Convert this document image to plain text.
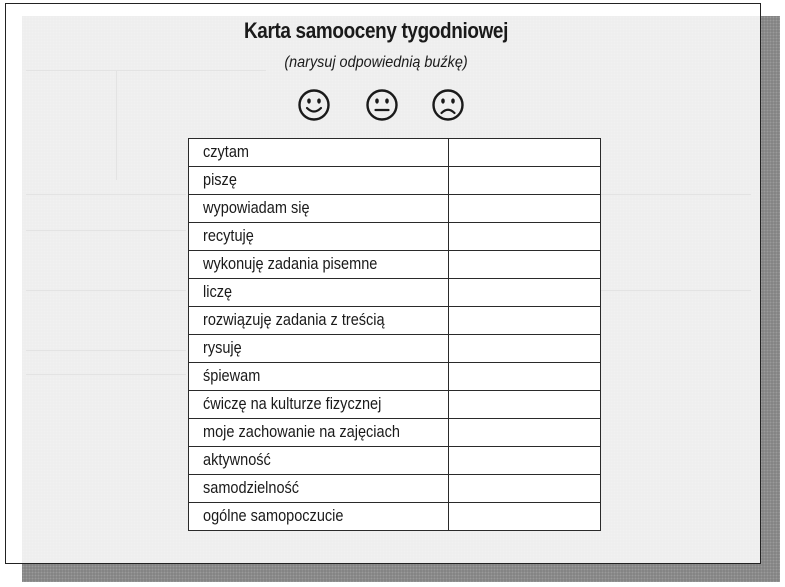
Karta samooceny tygodniowej
(narysuj odpowiednią buźkę)
czytam	
piszę	
wypowiadam się	
recytuję	
wykonuję zadania pisemne	
liczę	
rozwiązuję zadania z treścią	
rysuję	
śpiewam	
ćwiczę na kulturze fizycznej	
moje zachowanie na zajęciach	
aktywność	
samodzielność	
ogólne samopoczucie	
